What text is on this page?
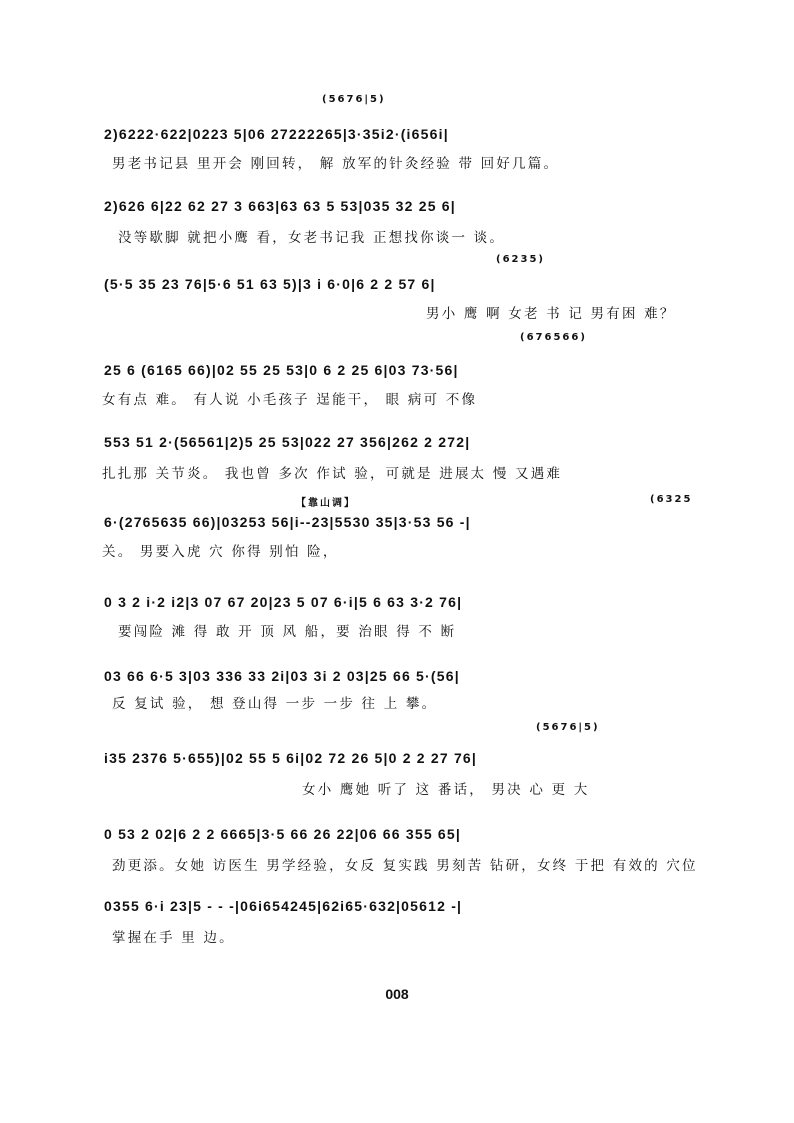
(5676|5)
2)6222·622|0223 5|06 27222265|3·35i2·(i656i|
男老书记县 里开会 刚回转， 解 放军的针灸经验 带 回好几篇。
2)626 6|22 62 27 3 663|63 63 5 53|035 32 25 6|
没等歇脚 就把小鹰 看，女老书记我 正想找你谈一 谈。
(6235)
(5·5 35 23 76|5·6 51 63 5)|3 i 6·0|6 2 2 57 6|
男小 鹰 啊 女老 书 记 男有困 难？
(676566)
25 6 (6165 66)|02 55 25 53|0 6 2 25 6|03 73·56|
女有点 难。 有人说 小毛孩子 逞能干， 眼 病可 不像
553 51 2·(56561|2)5 25 53|022 27 356|262 2 272|
扎扎那 关节炎。 我也曾 多次 作试 验，可就是 进展太 慢 又遇难
【靠山调】	(6325
6·(2765635 66)|03253 56|i--23|5530 35|3·53 56 -|
关。 男要入虎 穴 你得 别怕 险，
0 3 2 i·2 i2|3 07 67 20|23 5 07 6·i|5 6 63 3·2 76|
要闯险 滩 得 敢 开 顶 风 船，要 治眼 得 不 断
03 66 6·5 3|03 336 33 2i|03 3i 2 03|25 66 5·(56|
反 复试 验， 想 登山得 一步 一步 往 上 攀。
(5676|5)
i35 2376 5·655)|02 55 5 6i|02 72 26 5|0 2 2 27 76|
女小 鹰她 听了 这 番话， 男决 心 更 大
0 53 2 02|6 2 2 6665|3·5 66 26 22|06 66 355 65|
劲更添。女她 访医生 男学经验，女反 复实践 男刻苦 钻研，女终 于把 有效的 穴位
0355 6·i 23|5 - - -|06i654245|62i65·632|05612 -|
掌握在手 里 边。
008
